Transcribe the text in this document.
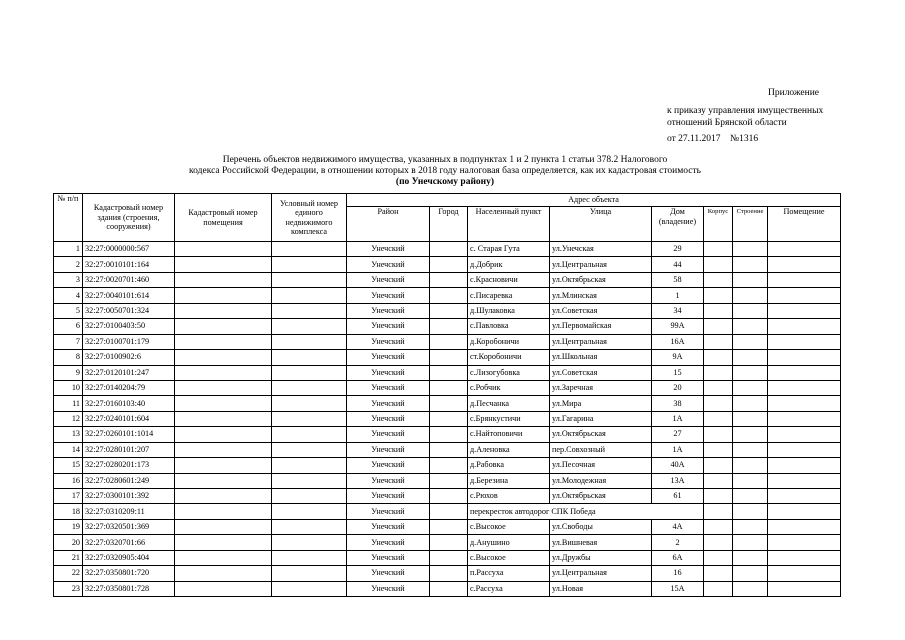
Приложение
к приказу управления имущественных
отношений Брянской области
от 27.11.2017    №1316
Перечень объектов недвижимого имущества, указанных в подпунктах 1 и 2 пункта 1 статьи 378.2 Налогового
кодекса Российской Федерации, в отношении которых в 2018 году налоговая база определяется, как их кадастровая стоимость
(по Унечскому району)
№ п/п	Кадастровый номер здания (строения, сооружения)	Кадастровый номер помещения	Условный номер единого недвижимого комплекса	Адрес объекта							
				Район	Город	Населенный пункт	Улица	Дом (владение)	Корпус	Строение	Помещение
1	32:27:0000000:567			Унечский		с. Старая Гута	ул.Унечская	29			
2	32:27:0010101:164			Унечский		д.Добрик	ул.Центральная	44			
3	32:27:0020701:460			Унечский		с.Красновичи	ул.Октябрьская	58			
4	32:27:0040101:614			Унечский		с.Писаревка	ул.Млинская	1			
5	32:27:0050701:324			Унечский		д.Шулаковка	ул.Советская	34			
6	32:27:0100403:50			Унечский		с.Павловка	ул.Первомайская	99А			
7	32:27:0100701:179			Унечский		д.Коробоничи	ул.Центральная	16А			
8	32:27:0100902:6			Унечский		ст.Коробоничи	ул.Школьная	9А			
9	32:27:0120101:247			Унечский		с.Лизогубовка	ул.Советская	15			
10	32:27:0140204:79			Унечский		с.Робчик	ул.Заречная	20			
11	32:27:0160103:40			Унечский		д.Песчанка	ул.Мира	38			
12	32:27:0240101:604			Унечский		с.Брянкустичи	ул.Гагарина	1А			
13	32:27:0260101:1014			Унечский		с.Найтоповичи	ул.Октябрьская	27			
14	32:27:0280101:207			Унечский		д.Аленовка	пер.Совхозный	1А			
15	32:27:0280201:173			Унечский		д.Рабовка	ул.Песочная	40А			
16	32:27:0280601:249			Унечский		д.Березина	ул.Молодежная	13А			
17	32:27:0300101:392			Унечский		с.Рюхов	ул.Октябрьская	61			
18	32:27:0310209:11			Унечский		перекресток автодорог СПК Победа					
19	32:27:0320501:369			Унечский		с.Высокое	ул.Свободы	4А			
20	32:27:0320701:66			Унечский		д.Анушино	ул.Вишневая	2			
21	32:27:0320905:404			Унечский		с.Высокое	ул.Дружбы	6А			
22	32:27:0350801:720			Унечский		п.Рассуха	ул.Центральная	16			
23	32:27:0350801:728			Унечский		с.Рассуха	ул.Новая	15А			
